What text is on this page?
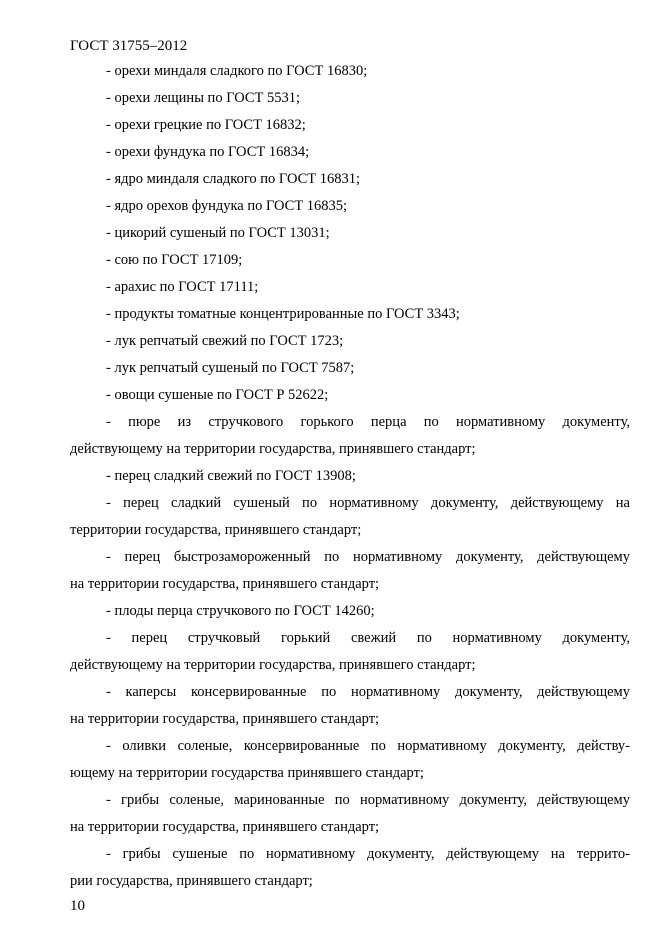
ГОСТ 31755–2012

- орехи миндаля сладкого по ГОСТ 16830;

- орехи лещины по ГОСТ 5531;

- орехи грецкие по ГОСТ 16832;

- орехи фундука по ГОСТ 16834;

- ядро миндаля сладкого по ГОСТ 16831;

- ядро орехов фундука по ГОСТ 16835;

- цикорий сушеный по ГОСТ 13031;

- сою по ГОСТ 17109;

- арахис по ГОСТ 17111;

- продукты томатные концентрированные по ГОСТ 3343;

- лук репчатый свежий по ГОСТ 1723;

- лук репчатый сушеный по ГОСТ 7587;

- овощи сушеные по ГОСТ Р 52622;

- пюре из стручкового горького перца по нормативному документу,

действующему на территории государства, принявшего стандарт;

- перец сладкий свежий по ГОСТ 13908;

- перец сладкий сушеный по нормативному документу, действующему на

территории государства, принявшего стандарт;

- перец быстрозамороженный по нормативному документу, действующему

на территории государства, принявшего стандарт;

- плоды перца стручкового по ГОСТ 14260;

- перец стручковый горький свежий по нормативному документу,

действующему на территории государства, принявшего стандарт;

- каперсы консервированные по нормативному документу, действующему

на территории государства, принявшего стандарт;

- оливки соленые, консервированные по нормативному документу, действу-

ющему на территории государства принявшего стандарт;

- грибы соленые, маринованные по нормативному документу, действующему

на территории государства, принявшего стандарт;

- грибы сушеные по нормативному документу, действующему на террито-

рии государства, принявшего стандарт;

10
